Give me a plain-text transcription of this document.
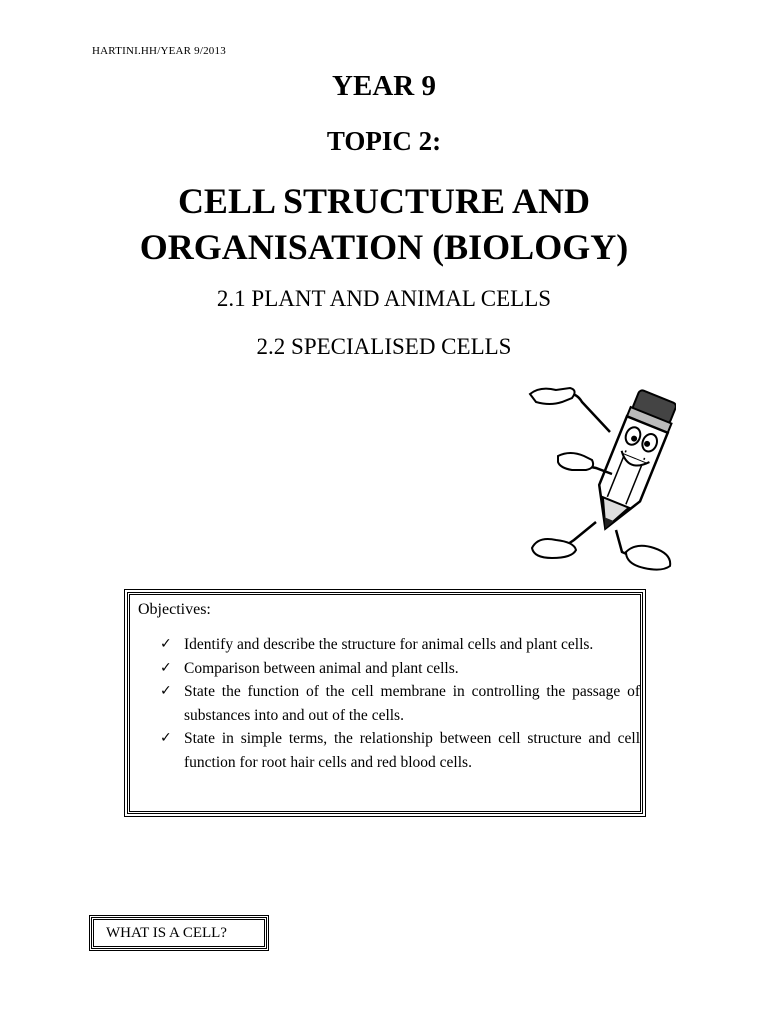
HARTINI.HH/YEAR 9/2013
YEAR 9
TOPIC 2:
CELL STRUCTURE AND
ORGANISATION (BIOLOGY)
2.1 PLANT AND ANIMAL CELLS
2.2 SPECIALISED CELLS
Objectives:
✓ Identify and describe the structure for animal cells and plant cells.
✓ Comparison between animal and plant cells.
✓ State the function of the cell membrane in controlling the passage of substances into and out of the cells.
✓ State in simple terms, the relationship between cell structure and cell function for root hair cells and red blood cells.
WHAT IS A CELL?
